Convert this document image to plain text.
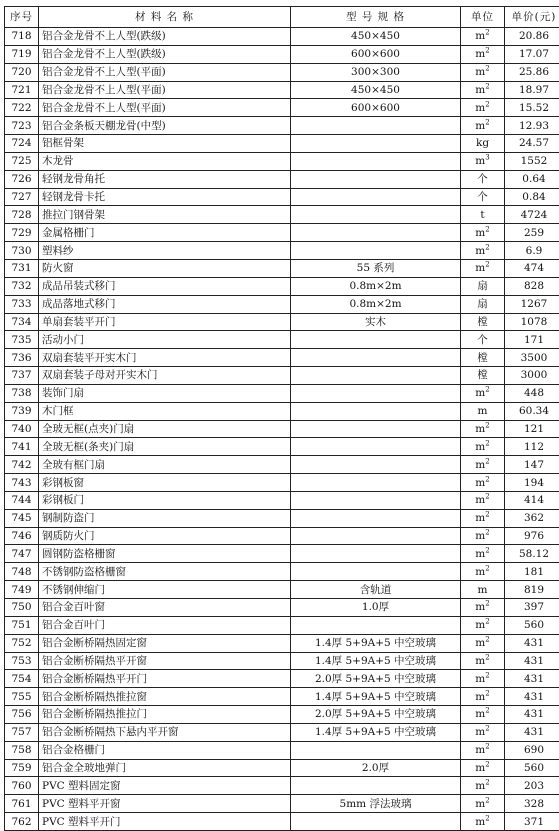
序号	材 料 名 称	型 号 规 格	单位	单价(元)
718	铝合金龙骨不上人型(跌级)	450×450	$m^2$	20.86
719	铝合金龙骨不上人型(跌级)	600×600	$m^2$	17.07
720	铝合金龙骨不上人型(平面)	300×300	$m^2$	25.86
721	铝合金龙骨不上人型(平面)	450×450	$m^2$	18.97
722	铝合金龙骨不上人型(平面)	600×600	$m^2$	15.52
723	铝合金条板天棚龙骨(中型)		$m^2$	12.93
724	铝框骨架		kg	24.57
725	木龙骨		$m^3$	1552
726	轻钢龙骨角托		个	0.64
727	轻钢龙骨卡托		个	0.84
728	推拉门钢骨架		t	4724
729	金属格栅门		$m^2$	259
730	塑料纱		$m^2$	6.9
731	防火窗	55 系列	$m^2$	474
732	成品吊装式移门	0.8m×2m	扇	828
733	成品落地式移门	0.8m×2m	扇	1267
734	单扇套装平开门	实木	樘	1078
735	活动小门		个	171
736	双扇套装平开实木门		樘	3500
737	双扇套装子母对开实木门		樘	3000
738	装饰门扇		$m^2$	448
739	木门框		m	60.34
740	全玻无框(点夹)门扇		$m^2$	121
741	全玻无框(条夹)门扇		$m^2$	112
742	全玻有框门扇		$m^2$	147
743	彩钢板窗		$m^2$	194
744	彩钢板门		$m^2$	414
745	钢制防盗门		$m^2$	362
746	钢质防火门		$m^2$	976
747	圆钢防盗格栅窗		$m^2$	58.12
748	不锈钢防盗格栅窗		$m^2$	181
749	不锈钢伸缩门	含轨道	m	819
750	铝合金百叶窗	1.0厚	$m^2$	397
751	铝合金百叶门		$m^2$	560
752	铝合金断桥隔热固定窗	1.4厚 5+9A+5 中空玻璃	$m^2$	431
753	铝合金断桥隔热平开窗	1.4厚 5+9A+5 中空玻璃	$m^2$	431
754	铝合金断桥隔热平开门	2.0厚 5+9A+5 中空玻璃	$m^2$	431
755	铝合金断桥隔热推拉窗	1.4厚 5+9A+5 中空玻璃	$m^2$	431
756	铝合金断桥隔热推拉门	2.0厚 5+9A+5 中空玻璃	$m^2$	431
757	铝合金断桥隔热下悬内平开窗	1.4厚 5+9A+5 中空玻璃	$m^2$	431
758	铝合金格栅门		$m^2$	690
759	铝合金全玻地弹门	2.0厚	$m^2$	560
760	PVC 塑料固定窗		$m^2$	203
761	PVC 塑料平开窗	5mm 浮法玻璃	$m^2$	328
762	PVC 塑料平开门		$m^2$	371
